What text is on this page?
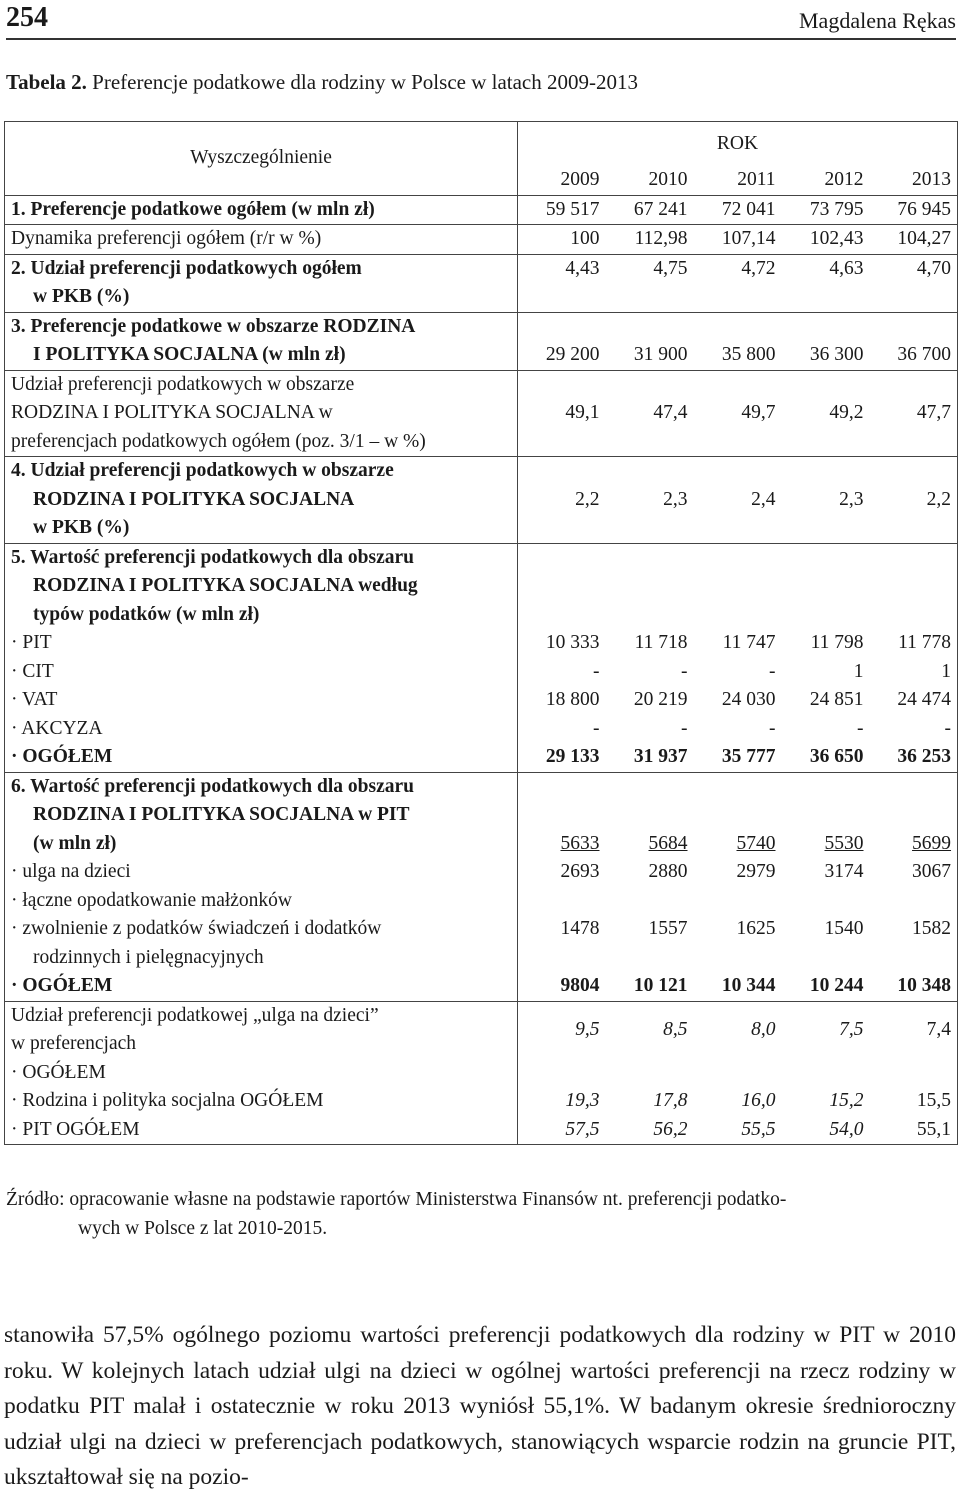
254	Magdalena Rękas
Tabela 2. Preferencje podatkowe dla rodziny w Polsce w latach 2009-2013
Wyszczególnienie	ROK				
	2009	2010	2011	2012	2013

1. Preferencje podatkowe ogółem (w mln zł)	59 517	67 241	72 041	73 795	76 945

Dynamika preferencji ogółem (r/r w %)	100	112,98	107,14	102,43	104,27

2. Udział preferencji podatkowych ogółem
w PKB (%)	4,43	4,75	4,72	4,63	4,70

3. Preferencje podatkowe w obszarze RODZINA
I POLITYKA SOCJALNA (w mln zł)	29 200	31 900	35 800	36 300	36 700

Udział preferencji podatkowych w obszarze
RODZINA I POLITYKA SOCJALNA w
preferencjach podatkowych ogółem (poz. 3/1 – w %)	49,1	47,4	49,7	49,2	47,7

4. Udział preferencji podatkowych w obszarze
RODZINA I POLITYKA SOCJALNA
w PKB (%)	2,2	2,3	2,4	2,3	2,2

5. Wartość preferencji podatkowych dla obszaru
RODZINA I POLITYKA SOCJALNA według
typów podatków (w mln zł)					

· PIT	10 333	11 718	11 747	11 798	11 778

· CIT	-	-	-	1	1

· VAT	18 800	20 219	24 030	24 851	24 474

· AKCYZA	-	-	-	-	-

· OGÓŁEM	29 133	31 937	35 777	36 650	36 253

6. Wartość preferencji podatkowych dla obszaru
RODZINA I POLITYKA SOCJALNA w PIT
(w mln zł)	5633	5684	5740	5530	5699

· ulga na dzieci	2693	2880	2979	3174	3067

· łączne opodatkowanie małżonków					

· zwolnienie z podatków świadczeń i dodatków
rodzinnych i pielęgnacyjnych	1478	1557	1625	1540	1582

· OGÓŁEM	9804	10 121	10 344	10 244	10 348

Udział preferencji podatkowej „ulga na dzieci”
w preferencjach	9,5	8,5	8,0	7,5	7,4

· OGÓŁEM					

· Rodzina i polityka socjalna OGÓŁEM	19,3	17,8	16,0	15,2	15,5

· PIT OGÓŁEM	57,5	56,2	55,5	54,0	55,1
Źródło: opracowanie własne na podstawie raportów Ministerstwa Finansów nt. preferencji podatko-
wych w Polsce z lat 2010-2015.
stanowiła 57,5% ogólnego poziomu wartości preferencji podatkowych dla rodziny w PIT w 2010 roku. W kolejnych latach udział ulgi na dzieci w ogólnej wartości preferencji na rzecz rodziny w podatku PIT malał i ostatecznie w roku 2013 wyniósł 55,1%. W badanym okresie średnioroczny udział ulgi na dzieci w preferencjach podatkowych, stanowiących wsparcie rodzin na gruncie PIT, ukształtował się na pozio-
